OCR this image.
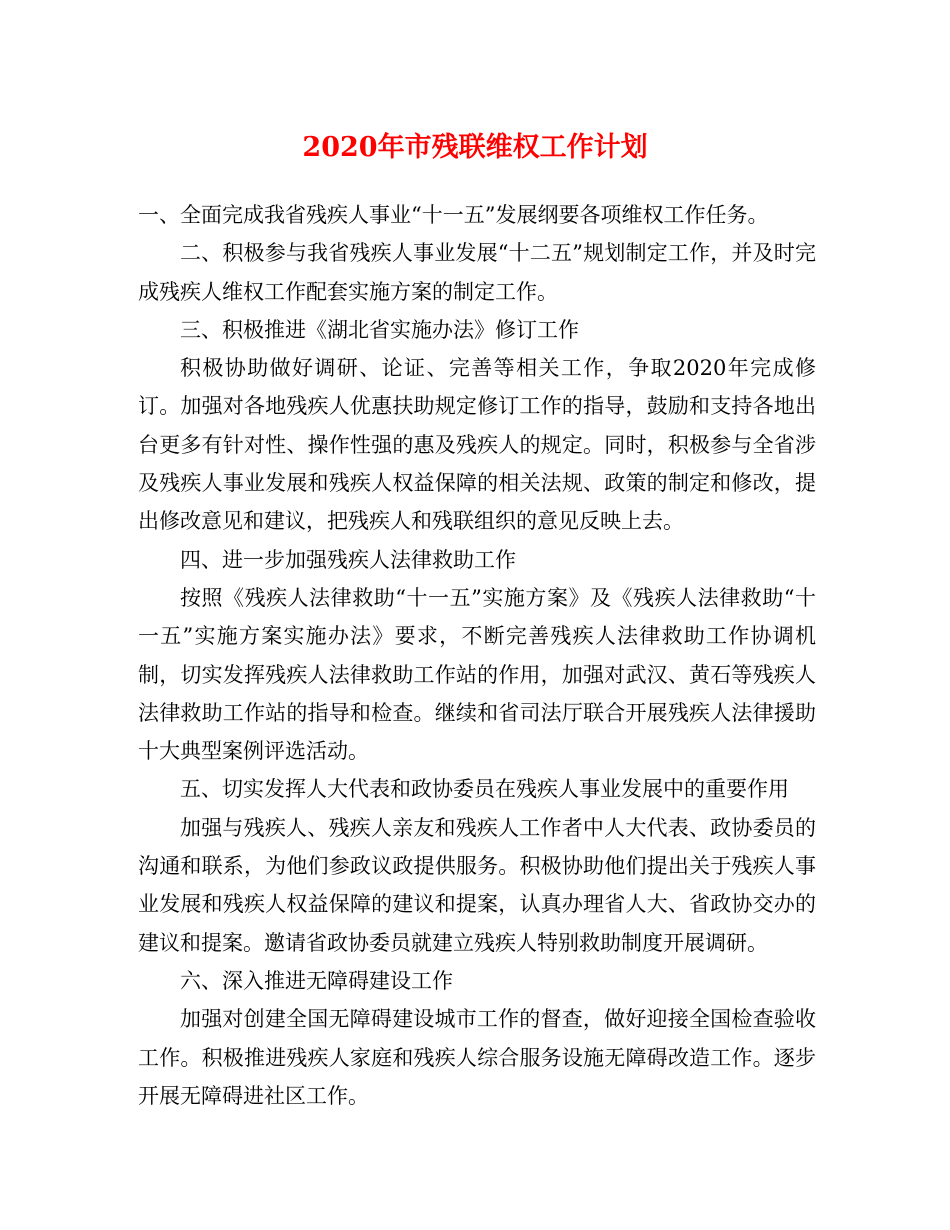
2020年市残联维权工作计划

一、全面完成我省残疾人事业“十一五”发展纲要各项维权工作任务。

二、积极参与我省残疾人事业发展“十二五”规划制定工作，并及时完成残疾人维权工作配套实施方案的制定工作。

三、积极推进《湖北省实施办法》修订工作

积极协助做好调研、论证、完善等相关工作，争取2020年完成修订。加强对各地残疾人优惠扶助规定修订工作的指导，鼓励和支持各地出台更多有针对性、操作性强的惠及残疾人的规定。同时，积极参与全省涉及残疾人事业发展和残疾人权益保障的相关法规、政策的制定和修改，提出修改意见和建议，把残疾人和残联组织的意见反映上去。

四、进一步加强残疾人法律救助工作

按照《残疾人法律救助“十一五”实施方案》及《残疾人法律救助“十一五”实施方案实施办法》要求，不断完善残疾人法律救助工作协调机制，切实发挥残疾人法律救助工作站的作用，加强对武汉、黄石等残疾人法律救助工作站的指导和检查。继续和省司法厅联合开展残疾人法律援助十大典型案例评选活动。

五、切实发挥人大代表和政协委员在残疾人事业发展中的重要作用

加强与残疾人、残疾人亲友和残疾人工作者中人大代表、政协委员的沟通和联系，为他们参政议政提供服务。积极协助他们提出关于残疾人事业发展和残疾人权益保障的建议和提案，认真办理省人大、省政协交办的建议和提案。邀请省政协委员就建立残疾人特别救助制度开展调研。

六、深入推进无障碍建设工作

加强对创建全国无障碍建设城市工作的督查，做好迎接全国检查验收工作。积极推进残疾人家庭和残疾人综合服务设施无障碍改造工作。逐步开展无障碍进社区工作。
